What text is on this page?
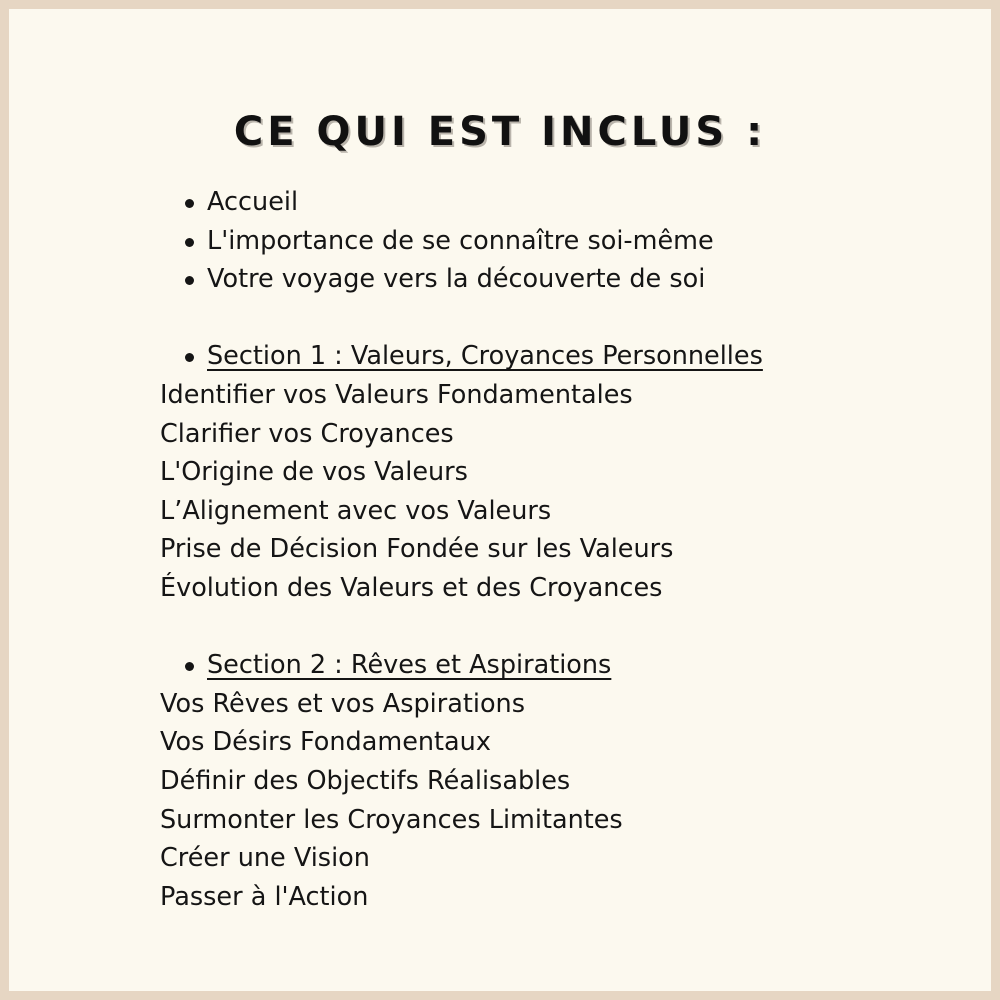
CE QUI EST INCLUS :
Accueil
L'importance de se connaître soi-même
Votre voyage vers la découverte de soi
Section 1 : Valeurs, Croyances Personnelles
Identifier vos Valeurs Fondamentales
Clarifier vos Croyances
L'Origine de vos Valeurs
L’Alignement avec vos Valeurs
Prise de Décision Fondée sur les Valeurs
Évolution des Valeurs et des Croyances
Section 2 : Rêves et Aspirations
Vos Rêves et vos Aspirations
Vos Désirs Fondamentaux
Définir des Objectifs Réalisables
Surmonter les Croyances Limitantes
Créer une Vision
Passer à l'Action
